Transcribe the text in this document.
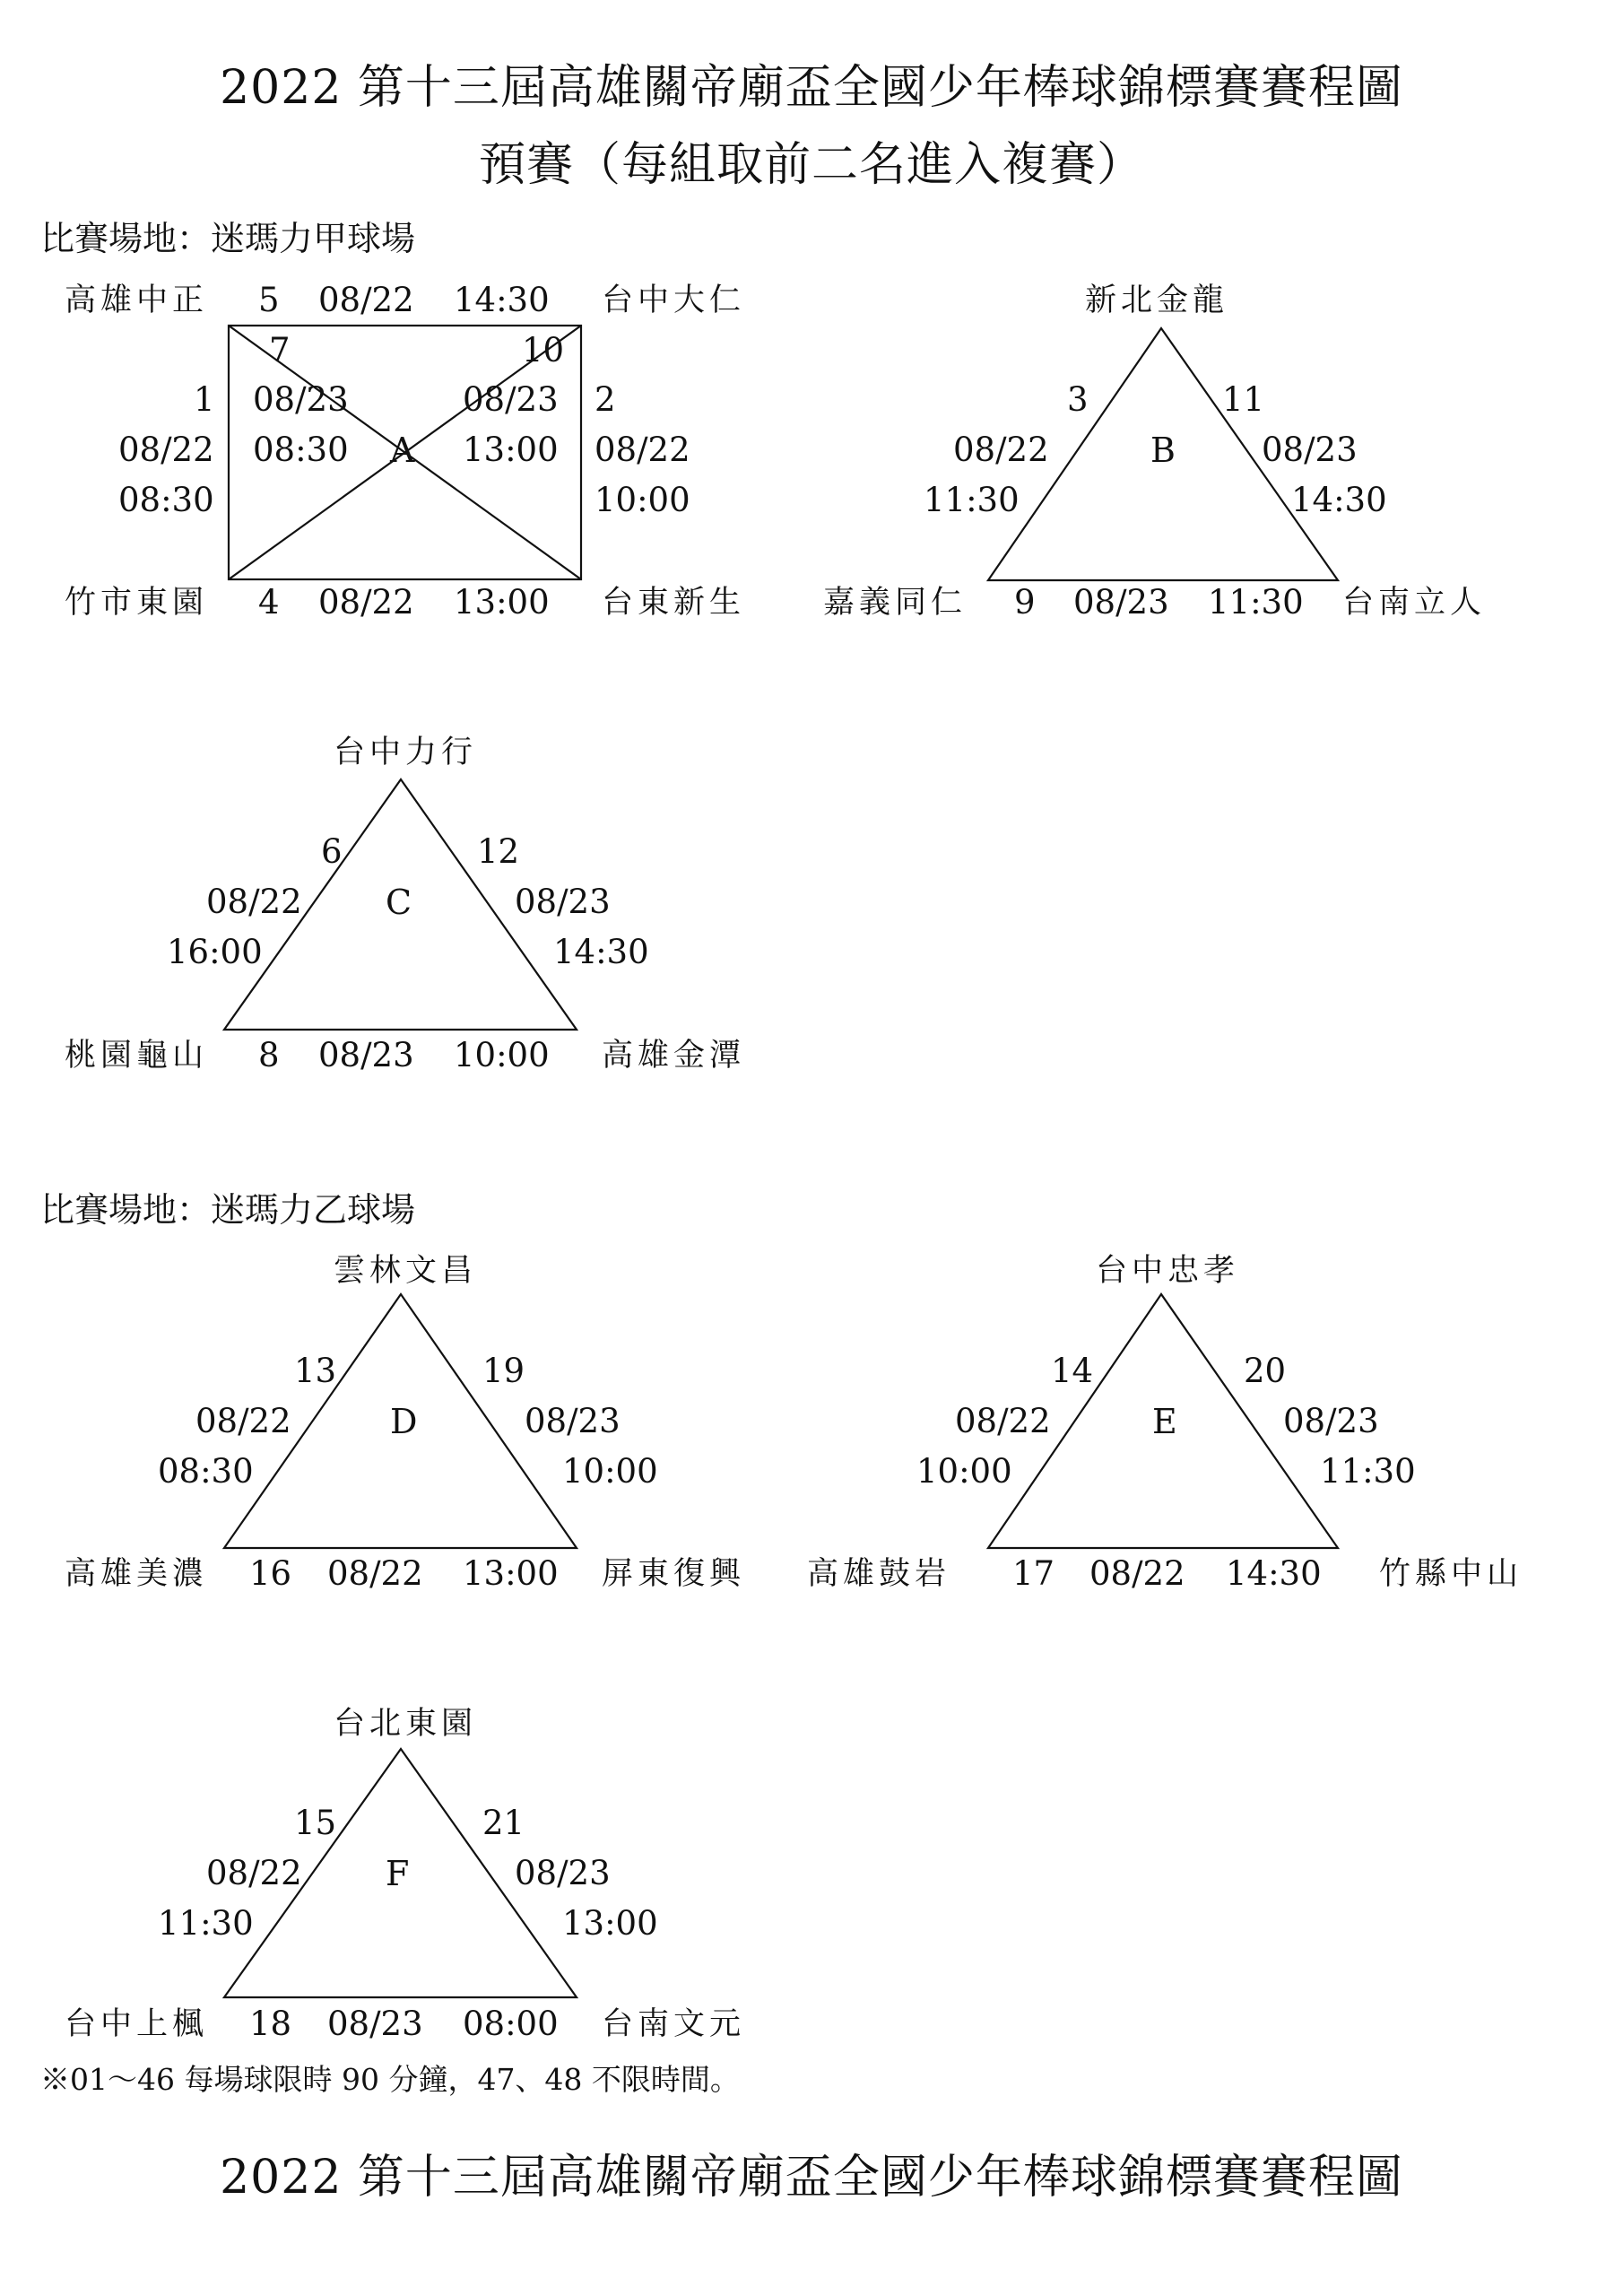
2022 第十三屆高雄關帝廟盃全國少年棒球錦標賽賽程圖
預賽（每組取前二名進入複賽）
比賽場地：迷瑪力甲球場
高雄中正 5 08/22 14:30 台中大仁
7	10
1 08/23	08/23 2
08/22 08:30 A 13:00 08/22
08:30	10:00
竹市東園 4 08/22 13:00 台東新生
新北金龍
3	11
08/22	B	08/23
11:30	14:30
嘉義同仁 9 08/23 11:30 台南立人
台中力行
6	12
08/22 C	08/23
16:00	14:30
桃園龜山 8 08/23 10:00 高雄金潭
比賽場地：迷瑪力乙球場
雲林文昌
13	19
08/22	D	08/23
08:30	10:00
高雄美濃 16 08/22 13:00 屏東復興
台中忠孝
14	20
08/22	E	08/23
10:00	11:30
高雄鼓岩 17 08/22 14:30 竹縣中山
台北東園
15	21
08/22 F	08/23
11:30	13:00
台中上楓 18 08/23 08:00 台南文元
※01～46 每場球限時 90 分鐘，47、48 不限時間。
2022 第十三屆高雄關帝廟盃全國少年棒球錦標賽賽程圖
